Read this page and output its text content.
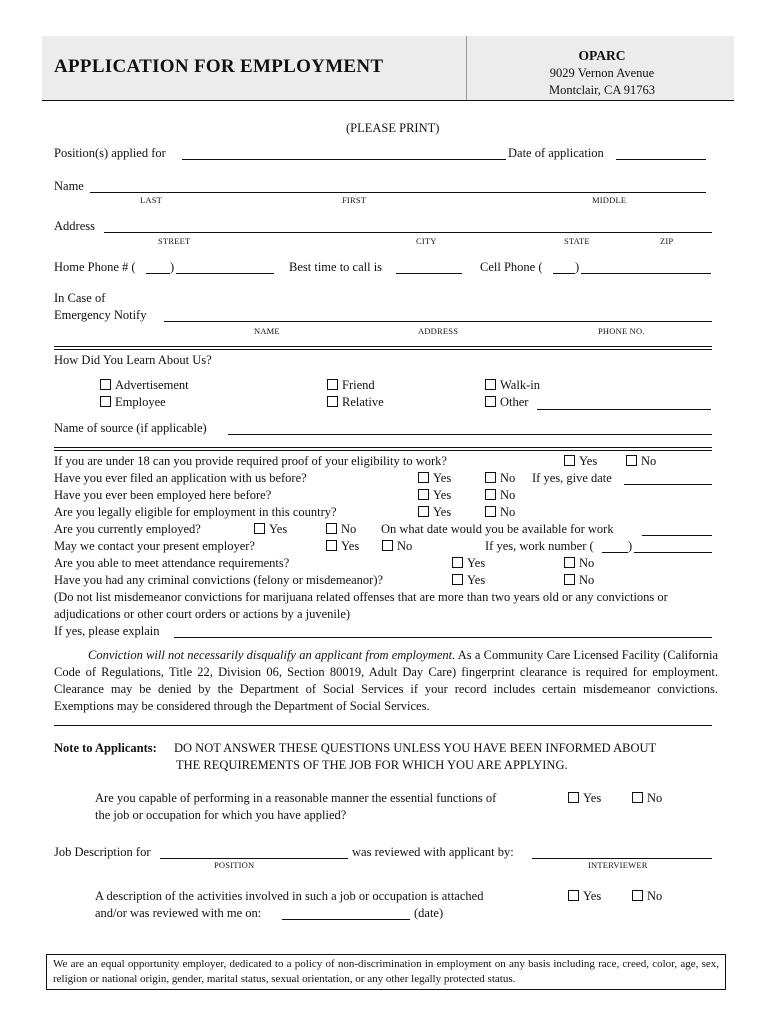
APPLICATION FOR EMPLOYMENT
OPARC
9029 Vernon Avenue
Montclair, CA 91763
(PLEASE PRINT)
Position(s) applied for	Date of application
Name
LAST	FIRST	MIDDLE
Address
STREET	CITY	STATE	ZIP
Home Phone # (	)	Best time to call is	Cell Phone (	)
In Case of
Emergency Notify
NAME	ADDRESS	PHONE NO.
How Did You Learn About Us?
Advertisement
Employee
Friend
Relative
Walk-in
Other
Name of source (if applicable)
If you are under 18 can you provide required proof of your eligibility to work?	Yes	No
Have you ever filed an application with us before?	Yes	No If yes, give date
Have you ever been employed here before?	Yes	No
Are you legally eligible for employment in this country?	Yes	No
Are you currently employed?	Yes	No On what date would you be available for work
May we contact your present employer?	Yes	No	If yes, work number (	)
Are you able to meet attendance requirements?	Yes	No
Have you had any criminal convictions (felony or misdemeanor)?	Yes	No
(Do not list misdemeanor convictions for marijuana related offenses that are more than two years old or any convictions or
adjudications or other court orders or actions by a juvenile)
If yes, please explain
Conviction will not necessarily disqualify an applicant from employment. As a Community Care Licensed Facility (California Code of Regulations, Title 22, Division 06, Section 80019, Adult Day Care) fingerprint clearance is required for employment. Clearance may be denied by the Department of Social Services if your record includes certain misdemeanor convictions. Exemptions may be considered through the Department of Social Services.
Note to Applicants: DO NOT ANSWER THESE QUESTIONS UNLESS YOU HAVE BEEN INFORMED ABOUT
THE REQUIREMENTS OF THE JOB FOR WHICH YOU ARE APPLYING.
Are you capable of performing in a reasonable manner the essential functions of
the job or occupation for which you have applied?
Yes	No
Job Description for	was reviewed with applicant by:
POSITION	INTERVIEWER
A description of the activities involved in such a job or occupation is attached
and/or was reviewed with me on:	(date)
Yes	No
We are an equal opportunity employer, dedicated to a policy of non-discrimination in employment on any basis including race, creed, color, age, sex, religion or national origin, gender, marital status, sexual orientation, or any other legally protected status.
